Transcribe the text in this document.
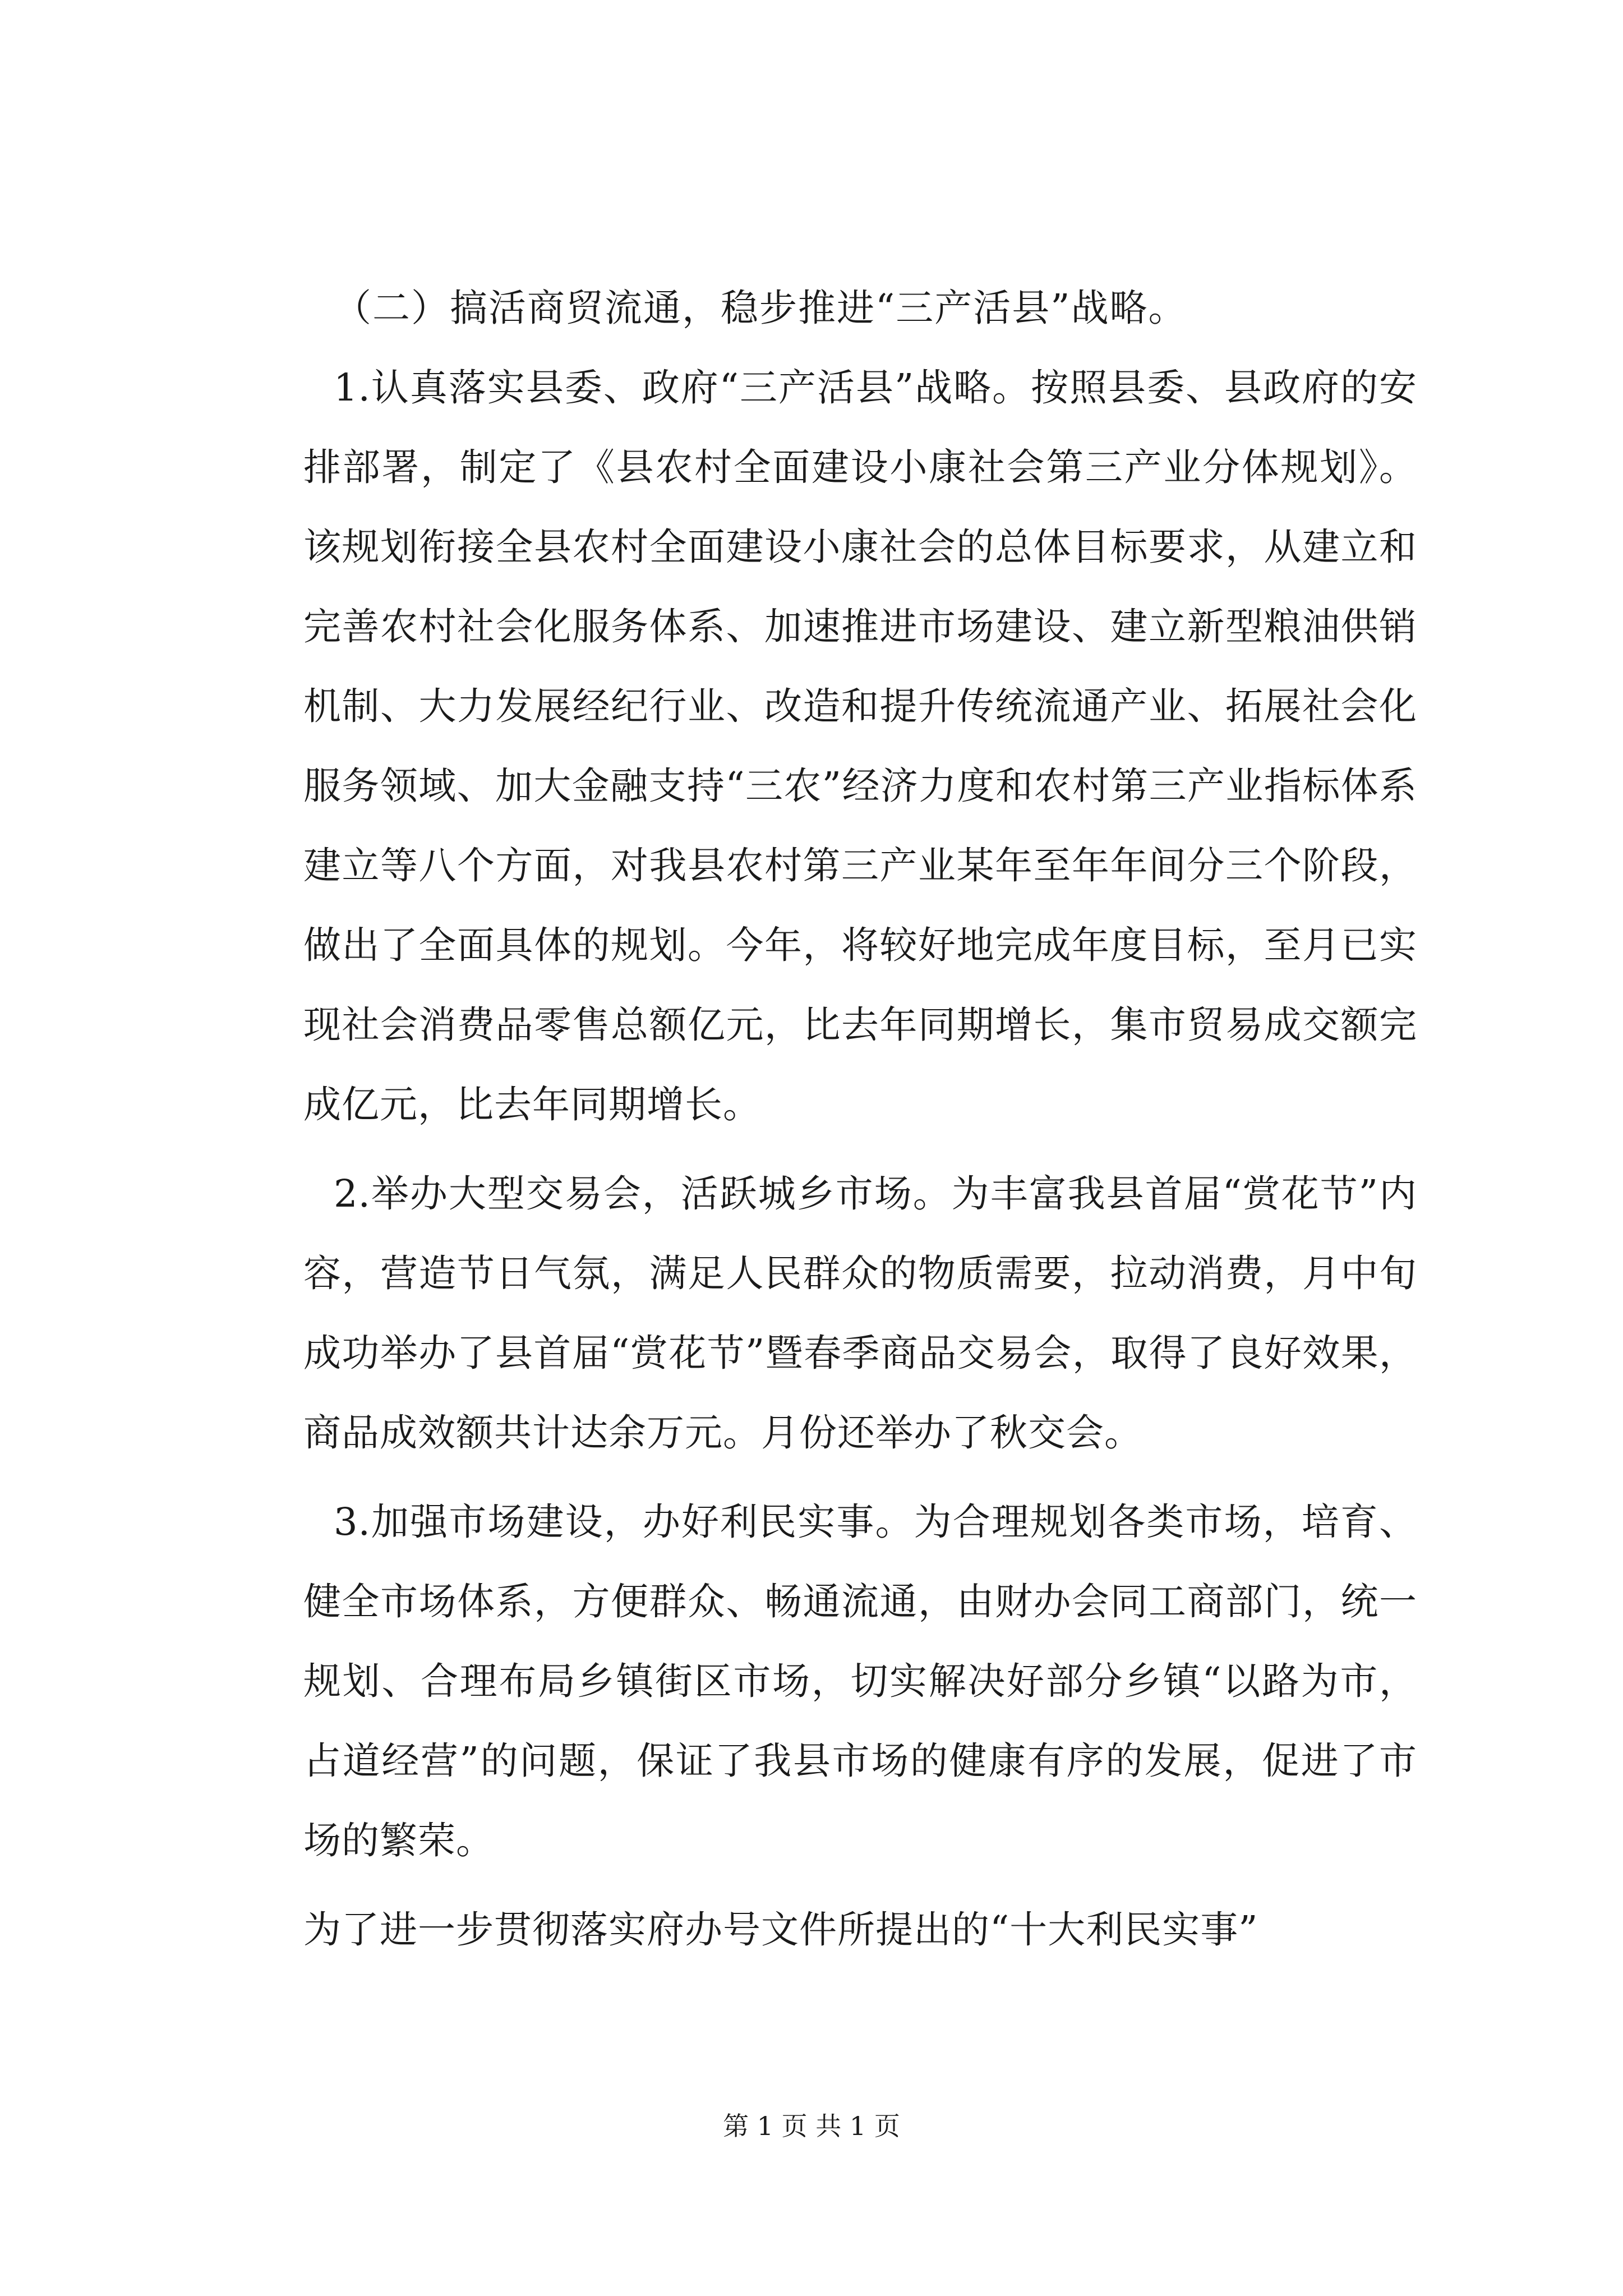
（二）搞活商贸流通，稳步推进“三产活县”战略。

1.认真落实县委、政府“三产活县”战略。按照县委、县政府的安排部署，制定了《县农村全面建设小康社会第三产业分体规划》。该规划衔接全县农村全面建设小康社会的总体目标要求，从建立和完善农村社会化服务体系、加速推进市场建设、建立新型粮油供销机制、大力发展经纪行业、改造和提升传统流通产业、拓展社会化服务领域、加大金融支持“三农”经济力度和农村第三产业指标体系建立等八个方面，对我县农村第三产业某年至年年间分三个阶段，做出了全面具体的规划。今年，将较好地完成年度目标，至月已实现社会消费品零售总额亿元，比去年同期增长，集市贸易成交额完成亿元，比去年同期增长。

2.举办大型交易会，活跃城乡市场。为丰富我县首届“赏花节”内容，营造节日气氛，满足人民群众的物质需要，拉动消费，月中旬成功举办了县首届“赏花节”暨春季商品交易会，取得了良好效果，商品成效额共计达余万元。月份还举办了秋交会。

3.加强市场建设，办好利民实事。为合理规划各类市场，培育、健全市场体系，方便群众、畅通流通，由财办会同工商部门，统一规划、合理布局乡镇街区市场，切实解决好部分乡镇“以路为市，占道经营”的问题，保证了我县市场的健康有序的发展，促进了市场的繁荣。

为了进一步贯彻落实府办号文件所提出的“十大利民实事”

第 1 页 共 1 页
